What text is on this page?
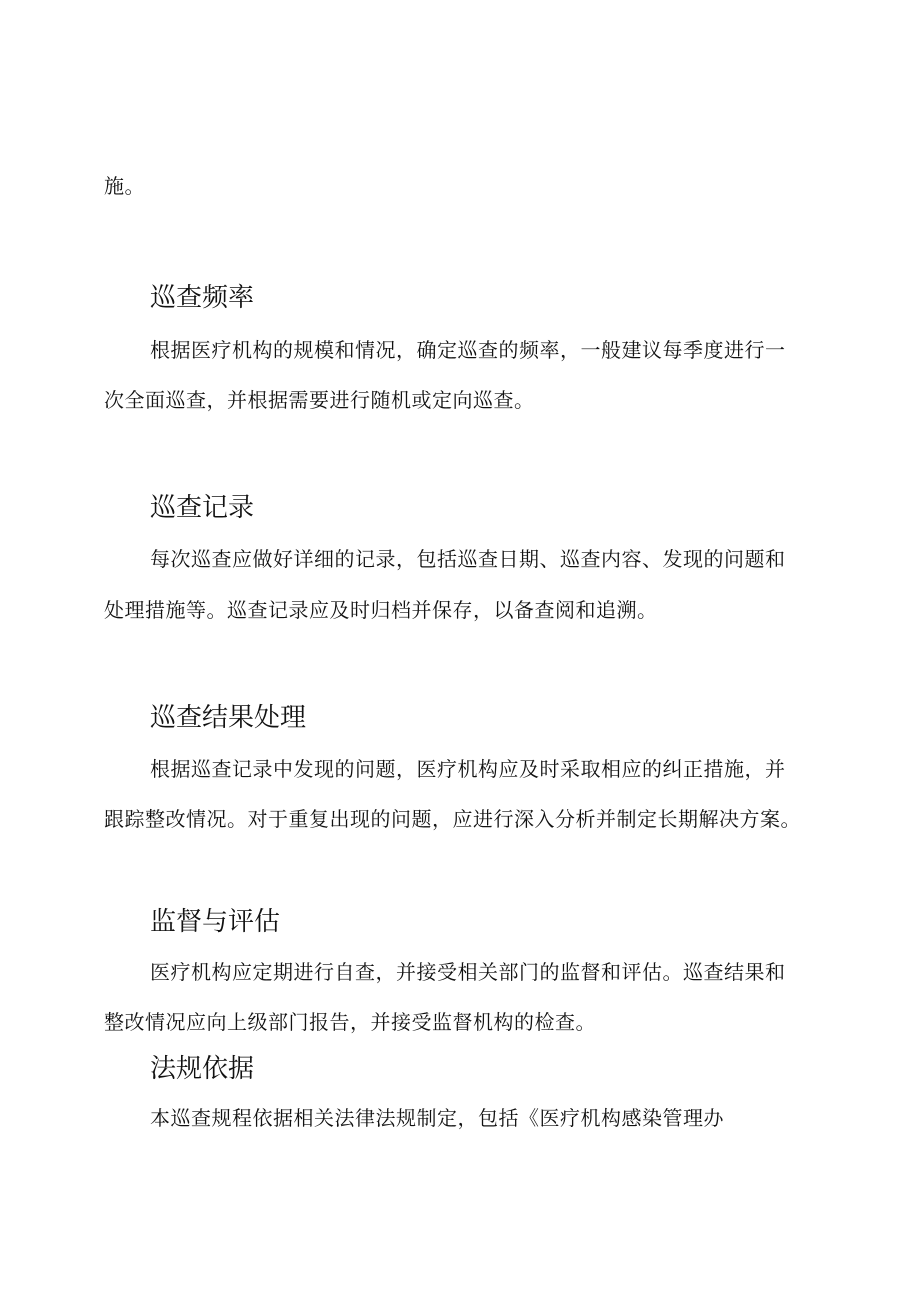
施。
巡查频率
根据医疗机构的规模和情况，确定巡查的频率，一般建议每季度进行一
次全面巡查，并根据需要进行随机或定向巡查。
巡查记录
每次巡查应做好详细的记录，包括巡查日期、巡查内容、发现的问题和
处理措施等。巡查记录应及时归档并保存，以备查阅和追溯。
巡查结果处理
根据巡查记录中发现的问题，医疗机构应及时采取相应的纠正措施，并
跟踪整改情况。对于重复出现的问题，应进行深入分析并制定长期解决方案。
监督与评估
医疗机构应定期进行自查，并接受相关部门的监督和评估。巡查结果和
整改情况应向上级部门报告，并接受监督机构的检查。
法规依据
本巡查规程依据相关法律法规制定，包括《医疗机构感染管理办
